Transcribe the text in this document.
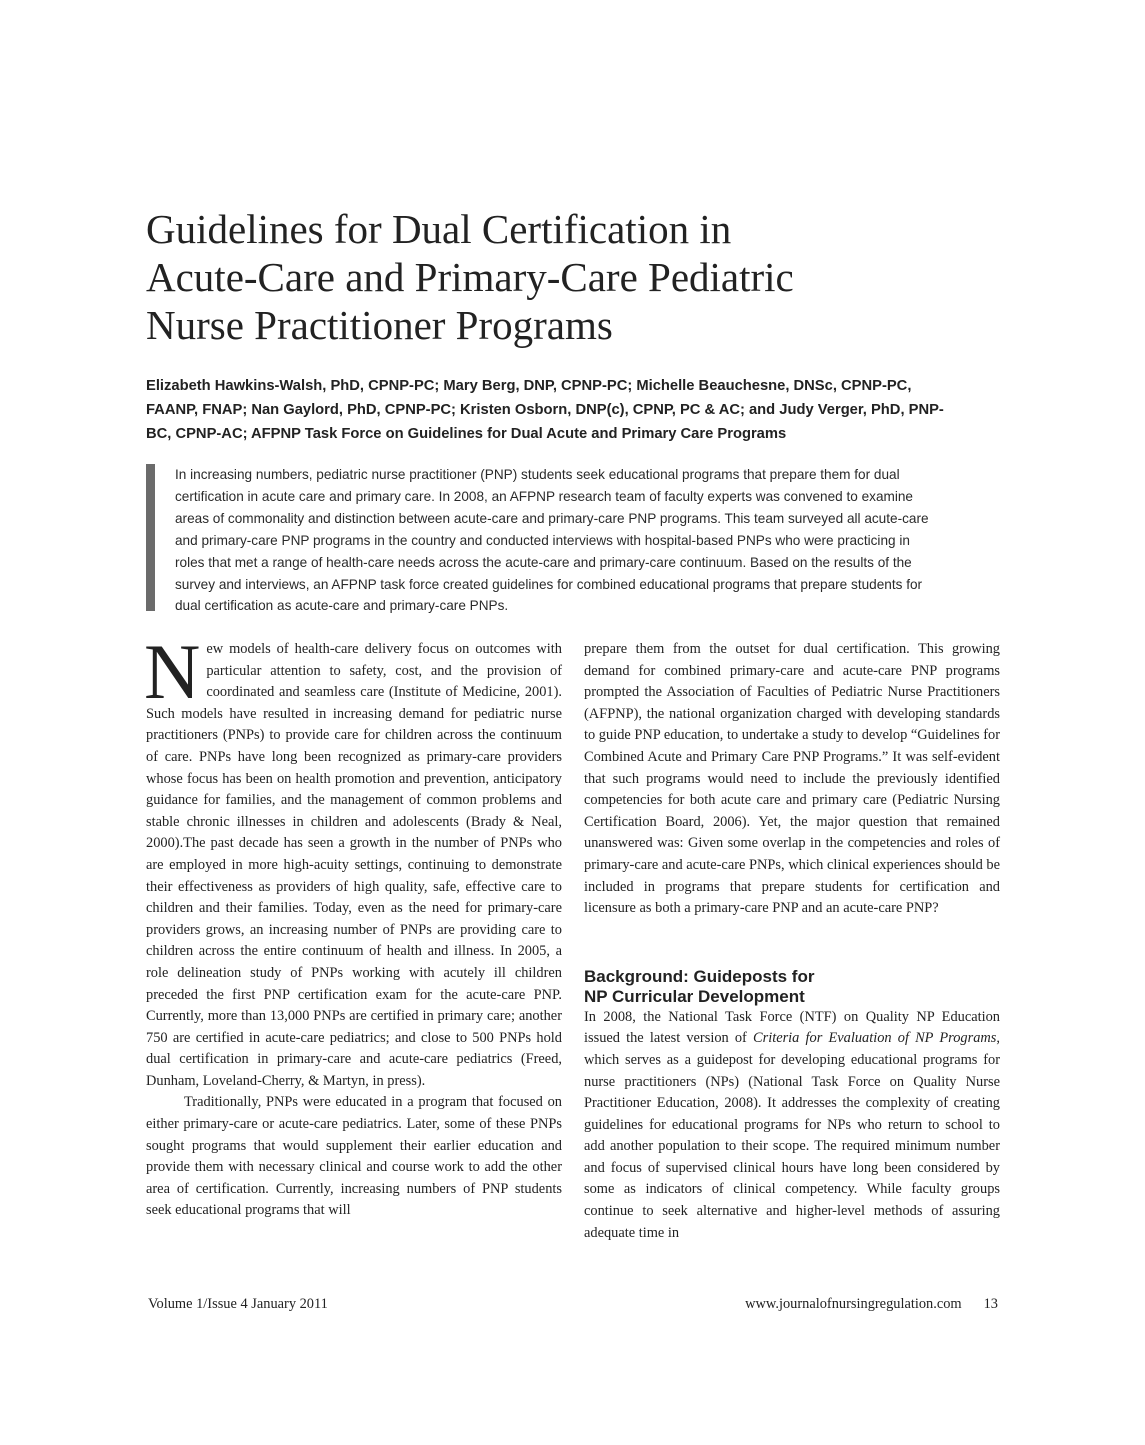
Guidelines for Dual Certification in
Acute-Care and Primary-Care Pediatric
Nurse Practitioner Programs
Elizabeth Hawkins-Walsh, PhD, CPNP-PC; Mary Berg, DNP, CPNP-PC; Michelle Beauchesne, DNSc, CPNP-PC,
FAANP, FNAP; Nan Gaylord, PhD, CPNP-PC; Kristen Osborn, DNP(c), CPNP, PC & AC; and Judy Verger, PhD, PNP-
BC, CPNP-AC; AFPNP Task Force on Guidelines for Dual Acute and Primary Care Programs
In increasing numbers, pediatric nurse practitioner (PNP) students seek educational programs that prepare them for dual
certification in acute care and primary care. In 2008, an AFPNP research team of faculty experts was convened to examine
areas of commonality and distinction between acute-care and primary-care PNP programs. This team surveyed all acute-care
and primary-care PNP programs in the country and conducted interviews with hospital-based PNPs who were practicing in
roles that met a range of health-care needs across the acute-care and primary-care continuum. Based on the results of the
survey and interviews, an AFPNP task force created guidelines for combined educational programs that prepare students for
dual certification as acute-care and primary-care PNPs.

New models of health-care delivery focus on outcomes with particular attention to safety, cost, and the provision of coordinated and seamless care (Institute of Medicine, 2001). Such models have resulted in increasing demand for pediatric nurse practitioners (PNPs) to provide care for children across the continuum of care. PNPs have long been recognized as primary-care providers whose focus has been on health promotion and prevention, anticipatory guidance for families, and the management of common problems and stable chronic illnesses in children and adolescents (Brady & Neal, 2000).The past decade has seen a growth in the number of PNPs who are employed in more high-acuity settings, continuing to demonstrate their effectiveness as providers of high quality, safe, effective care to children and their families. Today, even as the need for primary-care providers grows, an increasing number of PNPs are providing care to children across the entire continuum of health and illness. In 2005, a role delineation study of PNPs working with acutely ill children preceded the first PNP certification exam for the acute-care PNP. Currently, more than 13,000 PNPs are certified in primary care; another 750 are certified in acute-care pediatrics; and close to 500 PNPs hold dual certification in primary-care and acute-care pediatrics (Freed, Dunham, Loveland-Cherry, & Martyn, in press).

Traditionally, PNPs were educated in a program that focused on either primary-care or acute-care pediatrics. Later, some of these PNPs sought programs that would supplement their earlier education and provide them with necessary clinical and course work to add the other area of certification. Currently, increasing numbers of PNP students seek educational programs that will

prepare them from the outset for dual certification. This growing demand for combined primary-care and acute-care PNP programs prompted the Association of Faculties of Pediatric Nurse Practitioners (AFPNP), the national organization charged with developing standards to guide PNP education, to undertake a study to develop “Guidelines for Combined Acute and Primary Care PNP Programs.” It was self-evident that such programs would need to include the previously identified competencies for both acute care and primary care (Pediatric Nursing Certification Board, 2006). Yet, the major question that remained unanswered was: Given some overlap in the competencies and roles of primary-care and acute-care PNPs, which clinical experiences should be included in programs that prepare students for certification and licensure as both a primary-care PNP and an acute-care PNP?

Background: Guideposts for
NP Curricular Development

In 2008, the National Task Force (NTF) on Quality NP Education issued the latest version of Criteria for Evaluation of NP Programs, which serves as a guidepost for developing educational programs for nurse practitioners (NPs) (National Task Force on Quality Nurse Practitioner Education, 2008). It addresses the complexity of creating guidelines for educational programs for NPs who return to school to add another population to their scope. The required minimum number and focus of supervised clinical hours have long been considered by some as indicators of clinical competency. While faculty groups continue to seek alternative and higher-level methods of assuring adequate time in

Volume 1/Issue 4 January 2011	www.journalofnursingregulation.com 13
